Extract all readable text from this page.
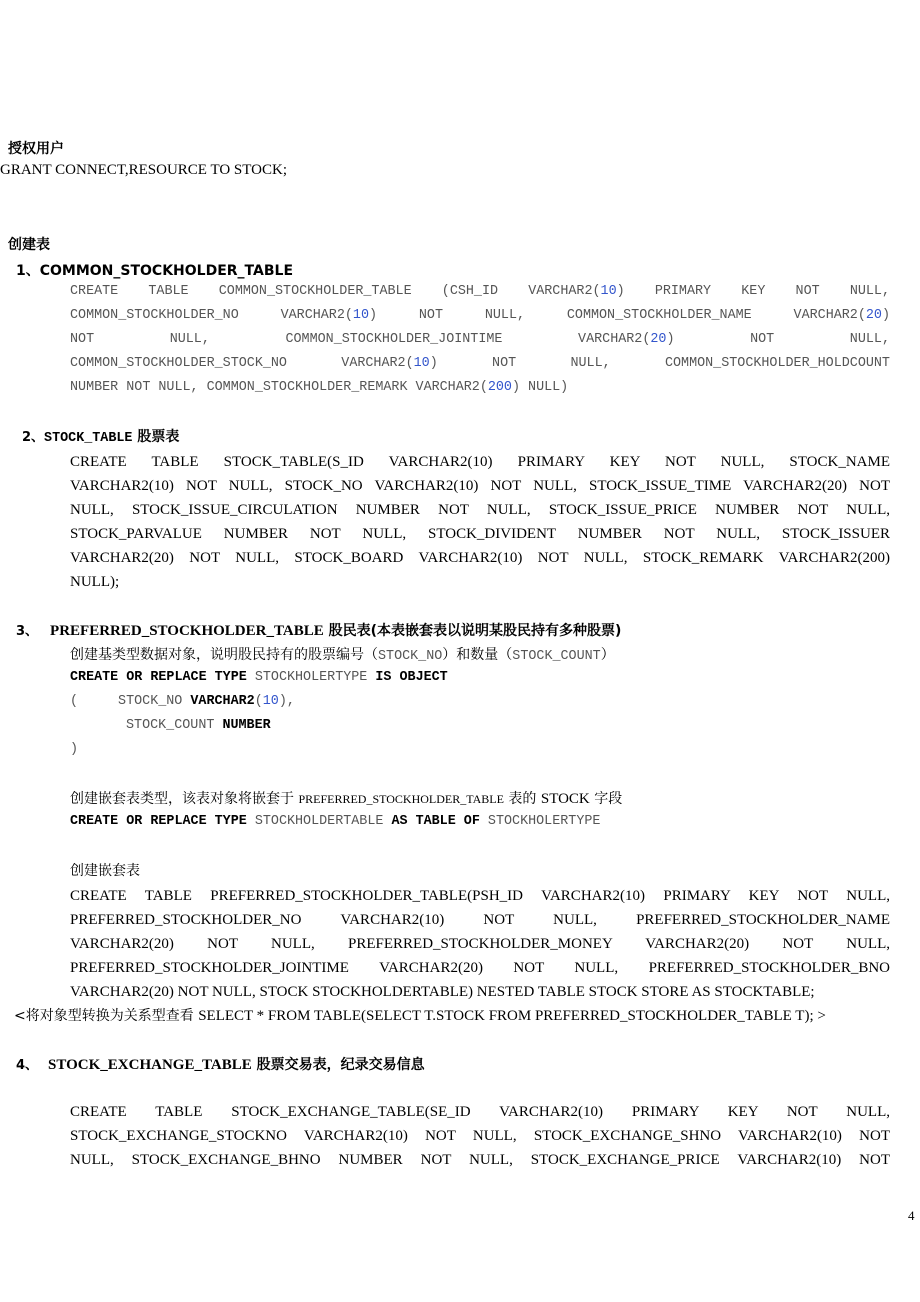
授权用户
GRANT CONNECT,RESOURCE TO STOCK;
创建表
1、COMMON_STOCKHOLDER_TABLE
CREATE TABLE COMMON_STOCKHOLDER_TABLE (CSH_ID VARCHAR2(10) PRIMARY KEY NOT NULL,
COMMON_STOCKHOLDER_NO	VARCHAR2(10)	NOT	NULL,	COMMON_STOCKHOLDER_NAME	VARCHAR2(20)
NOT	NULL,	COMMON_STOCKHOLDER_JOINTIME	VARCHAR2(20)	NOT	NULL,
COMMON_STOCKHOLDER_STOCK_NO	VARCHAR2(10)	NOT	NULL,	COMMON_STOCKHOLDER_HOLDCOUNT
NUMBER NOT NULL, COMMON_STOCKHOLDER_REMARK VARCHAR2(200) NULL)
2、STOCK_TABLE 股票表
CREATE TABLE STOCK_TABLE(S_ID VARCHAR2(10) PRIMARY KEY NOT NULL, STOCK_NAME
VARCHAR2(10) NOT NULL, STOCK_NO VARCHAR2(10) NOT NULL, STOCK_ISSUE_TIME VARCHAR2(20) NOT
NULL, STOCK_ISSUE_CIRCULATION NUMBER NOT NULL, STOCK_ISSUE_PRICE NUMBER NOT NULL,
STOCK_PARVALUE NUMBER NOT NULL, STOCK_DIVIDENT NUMBER NOT NULL, STOCK_ISSUER
VARCHAR2(20) NOT NULL, STOCK_BOARD VARCHAR2(10) NOT NULL, STOCK_REMARK VARCHAR2(200)
NULL);
3、 PREFERRED_STOCKHOLDER_TABLE 股民表(本表嵌套表以说明某股民持有多种股票)
创建基类型数据对象，说明股民持有的股票编号（STOCK_NO）和数量（STOCK_COUNT）
CREATE OR REPLACE TYPE STOCKHOLERTYPE IS OBJECT
(	STOCK_NO VARCHAR2(10),
STOCK_COUNT NUMBER
)
创建嵌套表类型，该表对象将嵌套于 PREFERRED_STOCKHOLDER_TABLE 表的 STOCK 字段
CREATE OR REPLACE TYPE STOCKHOLDERTABLE AS TABLE OF STOCKHOLERTYPE
创建嵌套表
CREATE TABLE PREFERRED_STOCKHOLDER_TABLE(PSH_ID VARCHAR2(10) PRIMARY KEY NOT NULL,
PREFERRED_STOCKHOLDER_NO VARCHAR2(10) NOT NULL, PREFERRED_STOCKHOLDER_NAME
VARCHAR2(20) NOT NULL, PREFERRED_STOCKHOLDER_MONEY VARCHAR2(20) NOT NULL,
PREFERRED_STOCKHOLDER_JOINTIME VARCHAR2(20) NOT NULL, PREFERRED_STOCKHOLDER_BNO
VARCHAR2(20) NOT NULL, STOCK STOCKHOLDERTABLE) NESTED TABLE STOCK STORE AS STOCKTABLE;
<将对象型转换为关系型查看 SELECT * FROM TABLE(SELECT T.STOCK FROM PREFERRED_STOCKHOLDER_TABLE T); >
4、 STOCK_EXCHANGE_TABLE 股票交易表，纪录交易信息
CREATE TABLE STOCK_EXCHANGE_TABLE(SE_ID VARCHAR2(10) PRIMARY KEY NOT NULL,
STOCK_EXCHANGE_STOCKNO VARCHAR2(10) NOT NULL, STOCK_EXCHANGE_SHNO VARCHAR2(10) NOT
NULL, STOCK_EXCHANGE_BHNO NUMBER NOT NULL, STOCK_EXCHANGE_PRICE VARCHAR2(10) NOT
4
